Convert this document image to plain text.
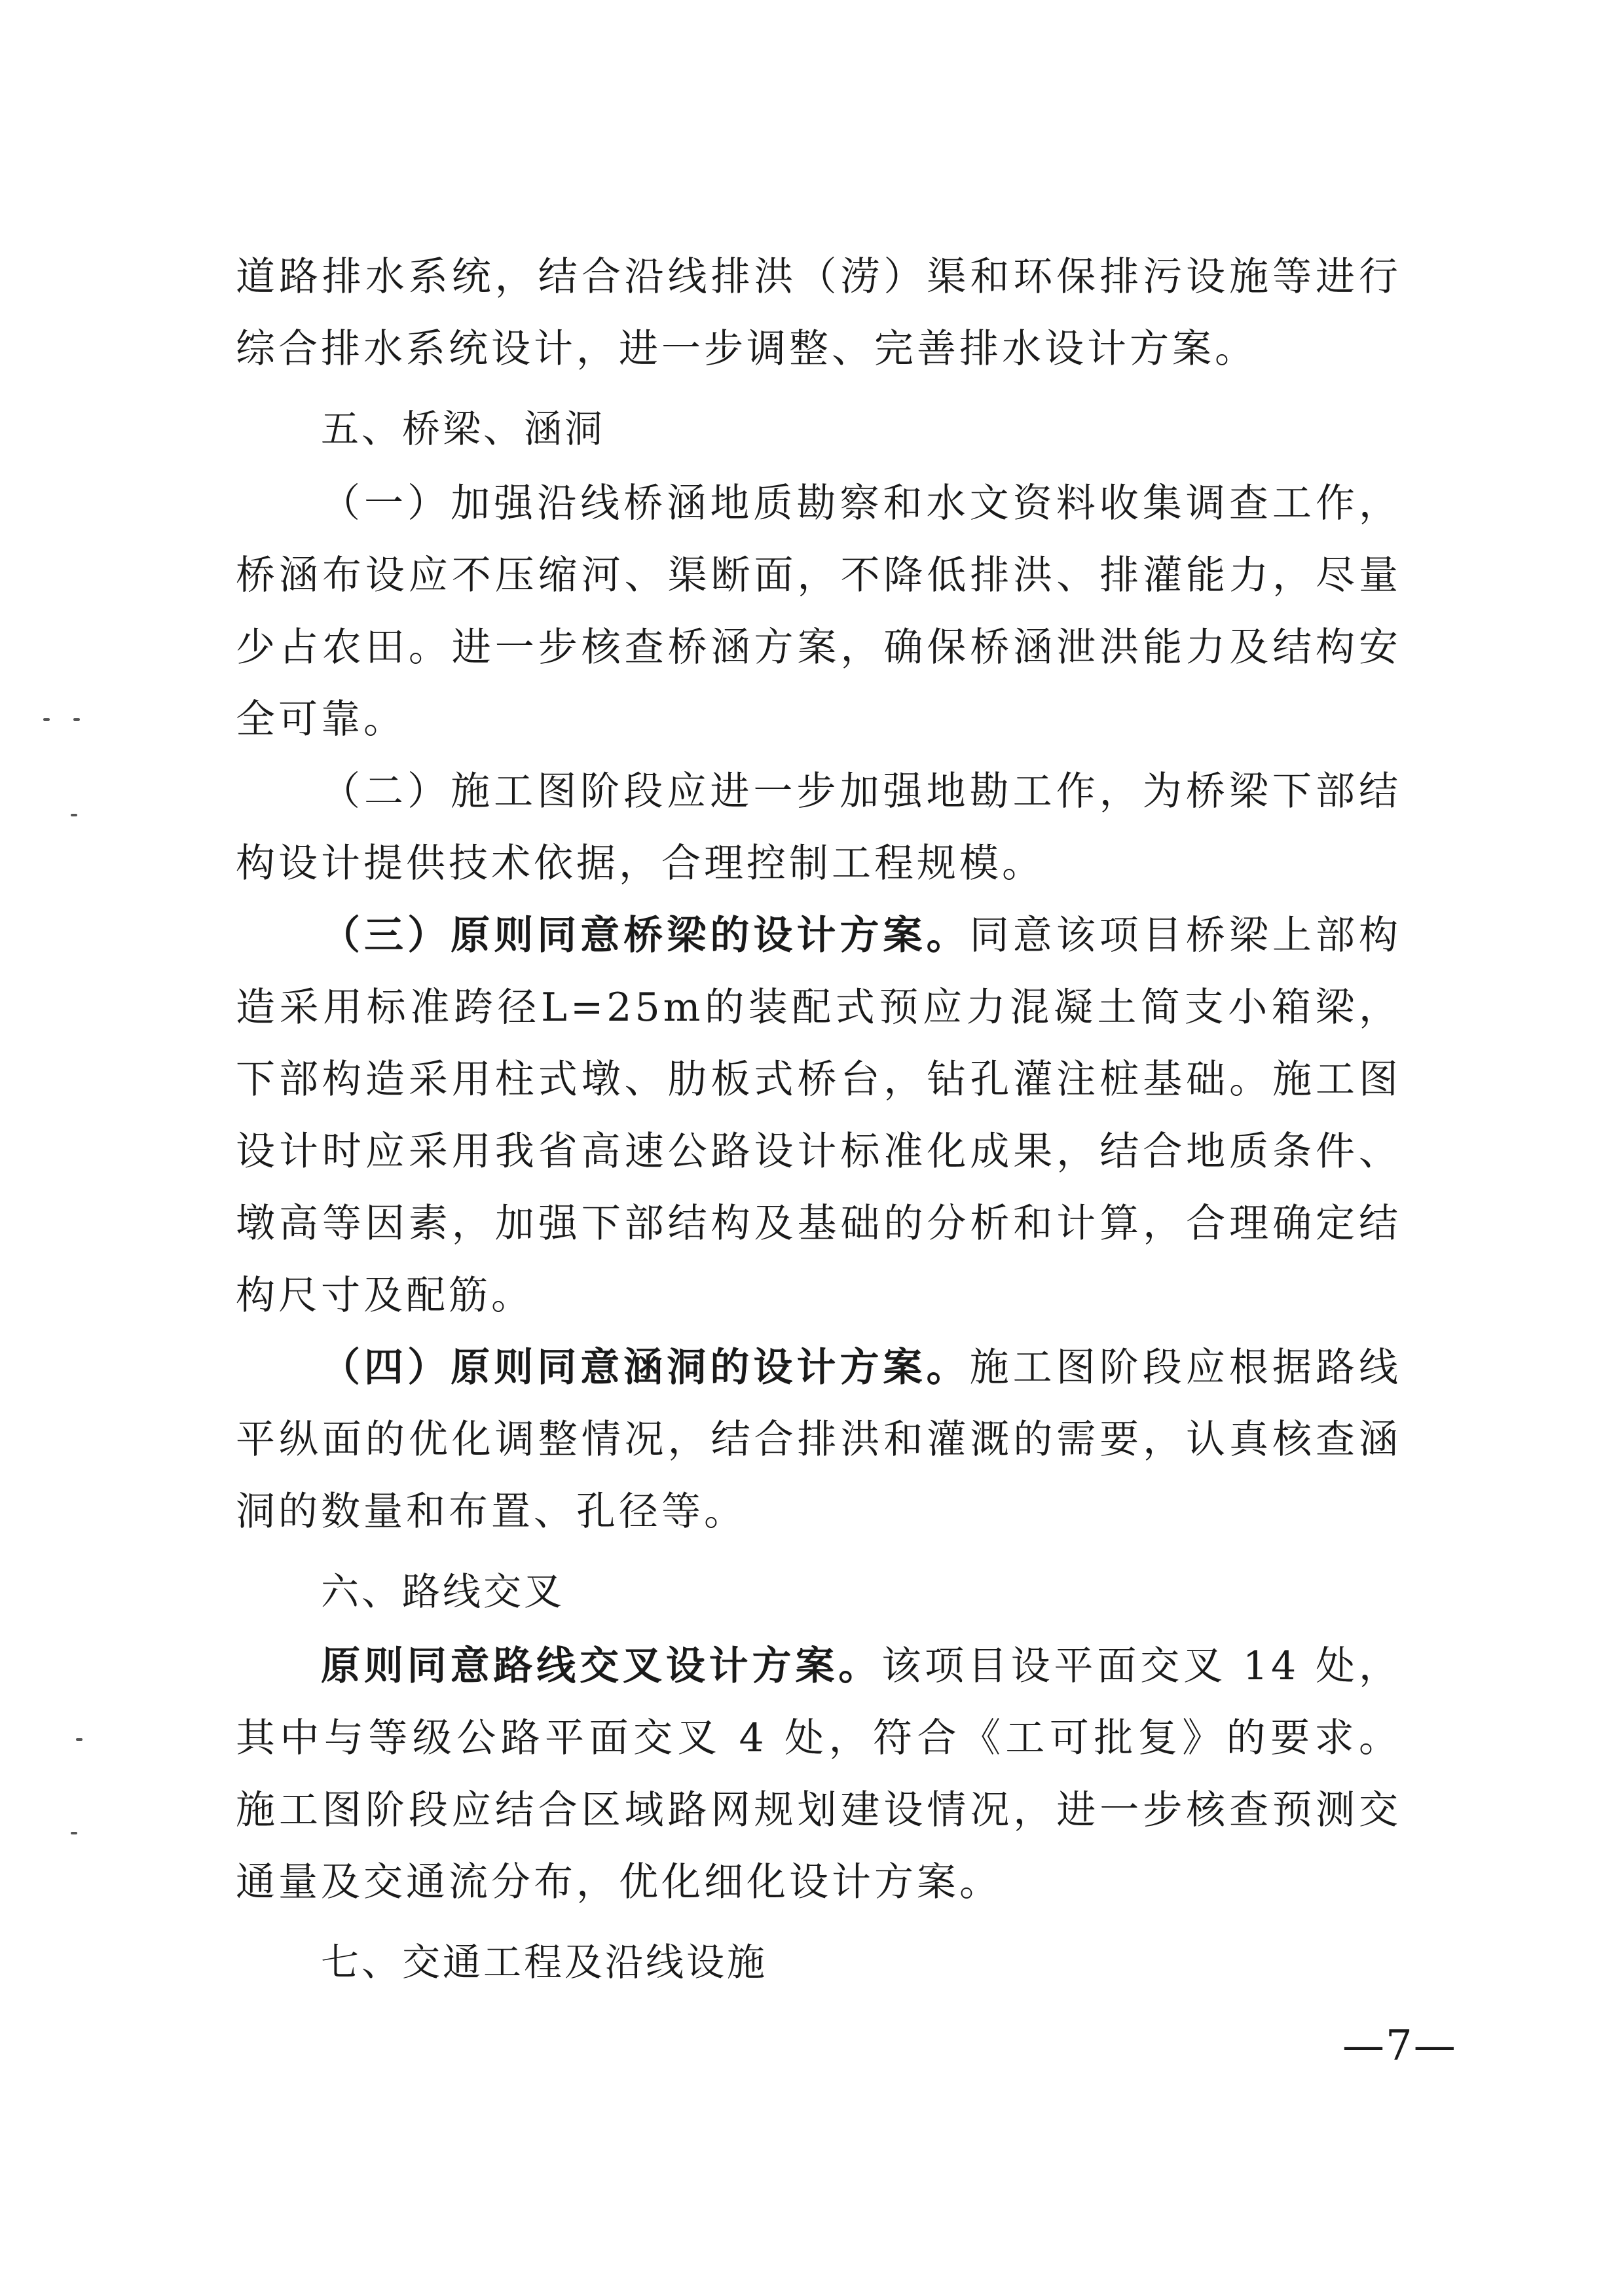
道路排水系统，结合沿线排洪（涝）渠和环保排污设施等进行综合排水系统设计，进一步调整、完善排水设计方案。

五、桥梁、涵洞

（一）加强沿线桥涵地质勘察和水文资料收集调查工作，桥涵布设应不压缩河、渠断面，不降低排洪、排灌能力，尽量少占农田。进一步核查桥涵方案，确保桥涵泄洪能力及结构安全可靠。

（二）施工图阶段应进一步加强地勘工作，为桥梁下部结构设计提供技术依据，合理控制工程规模。

（三）原则同意桥梁的设计方案。同意该项目桥梁上部构造采用标准跨径L=25m的装配式预应力混凝土简支小箱梁，下部构造采用柱式墩、肋板式桥台，钻孔灌注桩基础。施工图设计时应采用我省高速公路设计标准化成果，结合地质条件、墩高等因素，加强下部结构及基础的分析和计算，合理确定结构尺寸及配筋。

（四）原则同意涵洞的设计方案。施工图阶段应根据路线平纵面的优化调整情况，结合排洪和灌溉的需要，认真核查涵洞的数量和布置、孔径等。

六、路线交叉

原则同意路线交叉设计方案。该项目设平面交叉 14 处，其中与等级公路平面交叉 4 处，符合《工可批复》的要求。施工图阶段应结合区域路网规划建设情况，进一步核查预测交通量及交通流分布，优化细化设计方案。

七、交通工程及沿线设施

—7—
